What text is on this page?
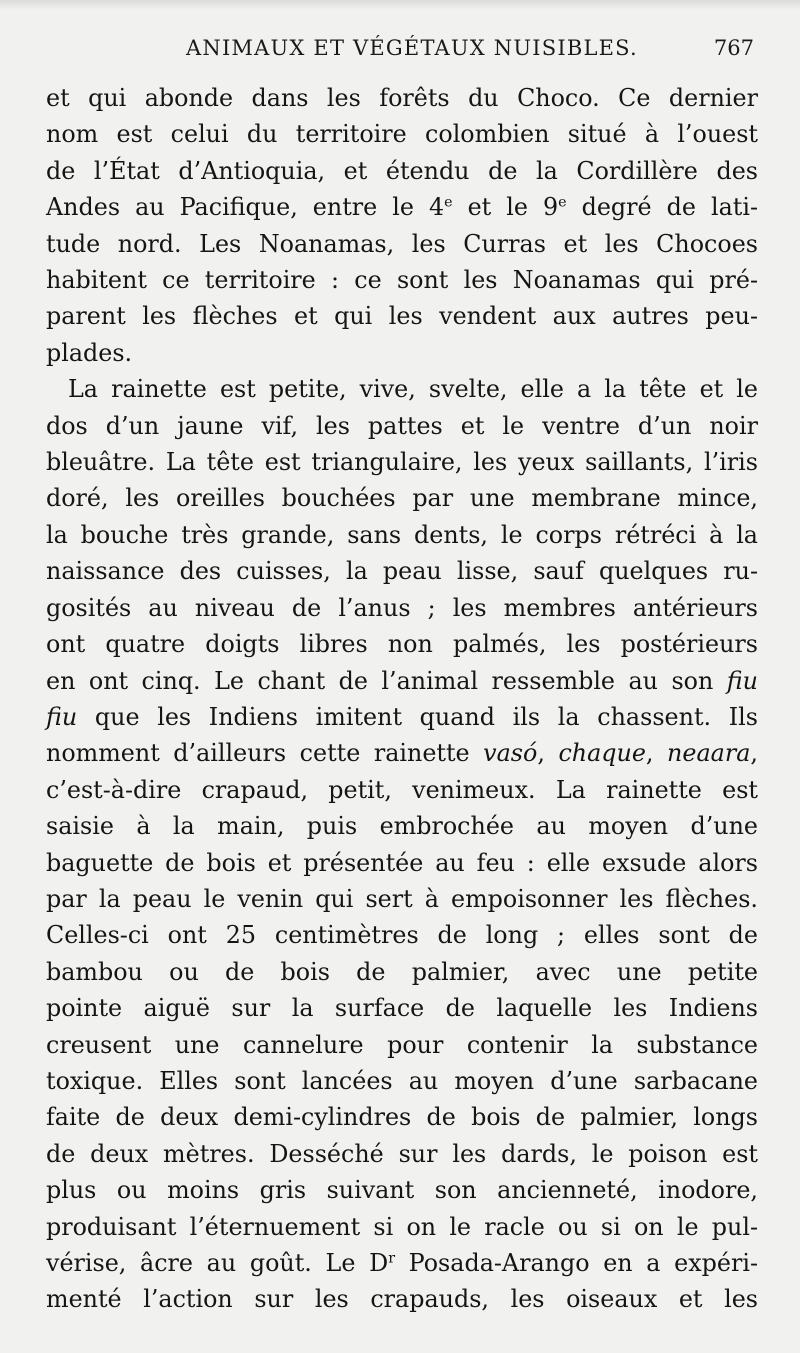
ANIMAUX ET VÉGÉTAUX NUISIBLES.	767
et qui abonde dans les forêts du Choco. Ce dernier
nom est celui du territoire colombien situé à l’ouest
de l’État d’Antioquia, et étendu de la Cordillère des
Andes au Pacifique, entre le 4e et le 9e degré de lati-
tude nord. Les Noanamas, les Curras et les Chocoes
habitent ce territoire : ce sont les Noanamas qui pré-
parent les flèches et qui les vendent aux autres peu-
plades.
La rainette est petite, vive, svelte, elle a la tête et le
dos d’un jaune vif, les pattes et le ventre d’un noir
bleuâtre. La tête est triangulaire, les yeux saillants, l’iris
doré, les oreilles bouchées par une membrane mince,
la bouche très grande, sans dents, le corps rétréci à la
naissance des cuisses, la peau lisse, sauf quelques ru-
gosités au niveau de l’anus ; les membres antérieurs
ont quatre doigts libres non palmés, les postérieurs
en ont cinq. Le chant de l’animal ressemble au son fiu
fiu que les Indiens imitent quand ils la chassent. Ils
nomment d’ailleurs cette rainette vasó, chaque, neaara,
c’est-à-dire crapaud, petit, venimeux. La rainette est
saisie à la main, puis embrochée au moyen d’une
baguette de bois et présentée au feu : elle exsude alors
par la peau le venin qui sert à empoisonner les flèches.
Celles-ci ont 25 centimètres de long ; elles sont de
bambou ou de bois de palmier, avec une petite
pointe aiguë sur la surface de laquelle les Indiens
creusent une cannelure pour contenir la substance
toxique. Elles sont lancées au moyen d’une sarbacane
faite de deux demi-cylindres de bois de palmier, longs
de deux mètres. Desséché sur les dards, le poison est
plus ou moins gris suivant son ancienneté, inodore,
produisant l’éternuement si on le racle ou si on le pul-
vérise, âcre au goût. Le $D^r$ Posada-Arango en a expéri-
menté l’action sur les crapauds, les oiseaux et les
